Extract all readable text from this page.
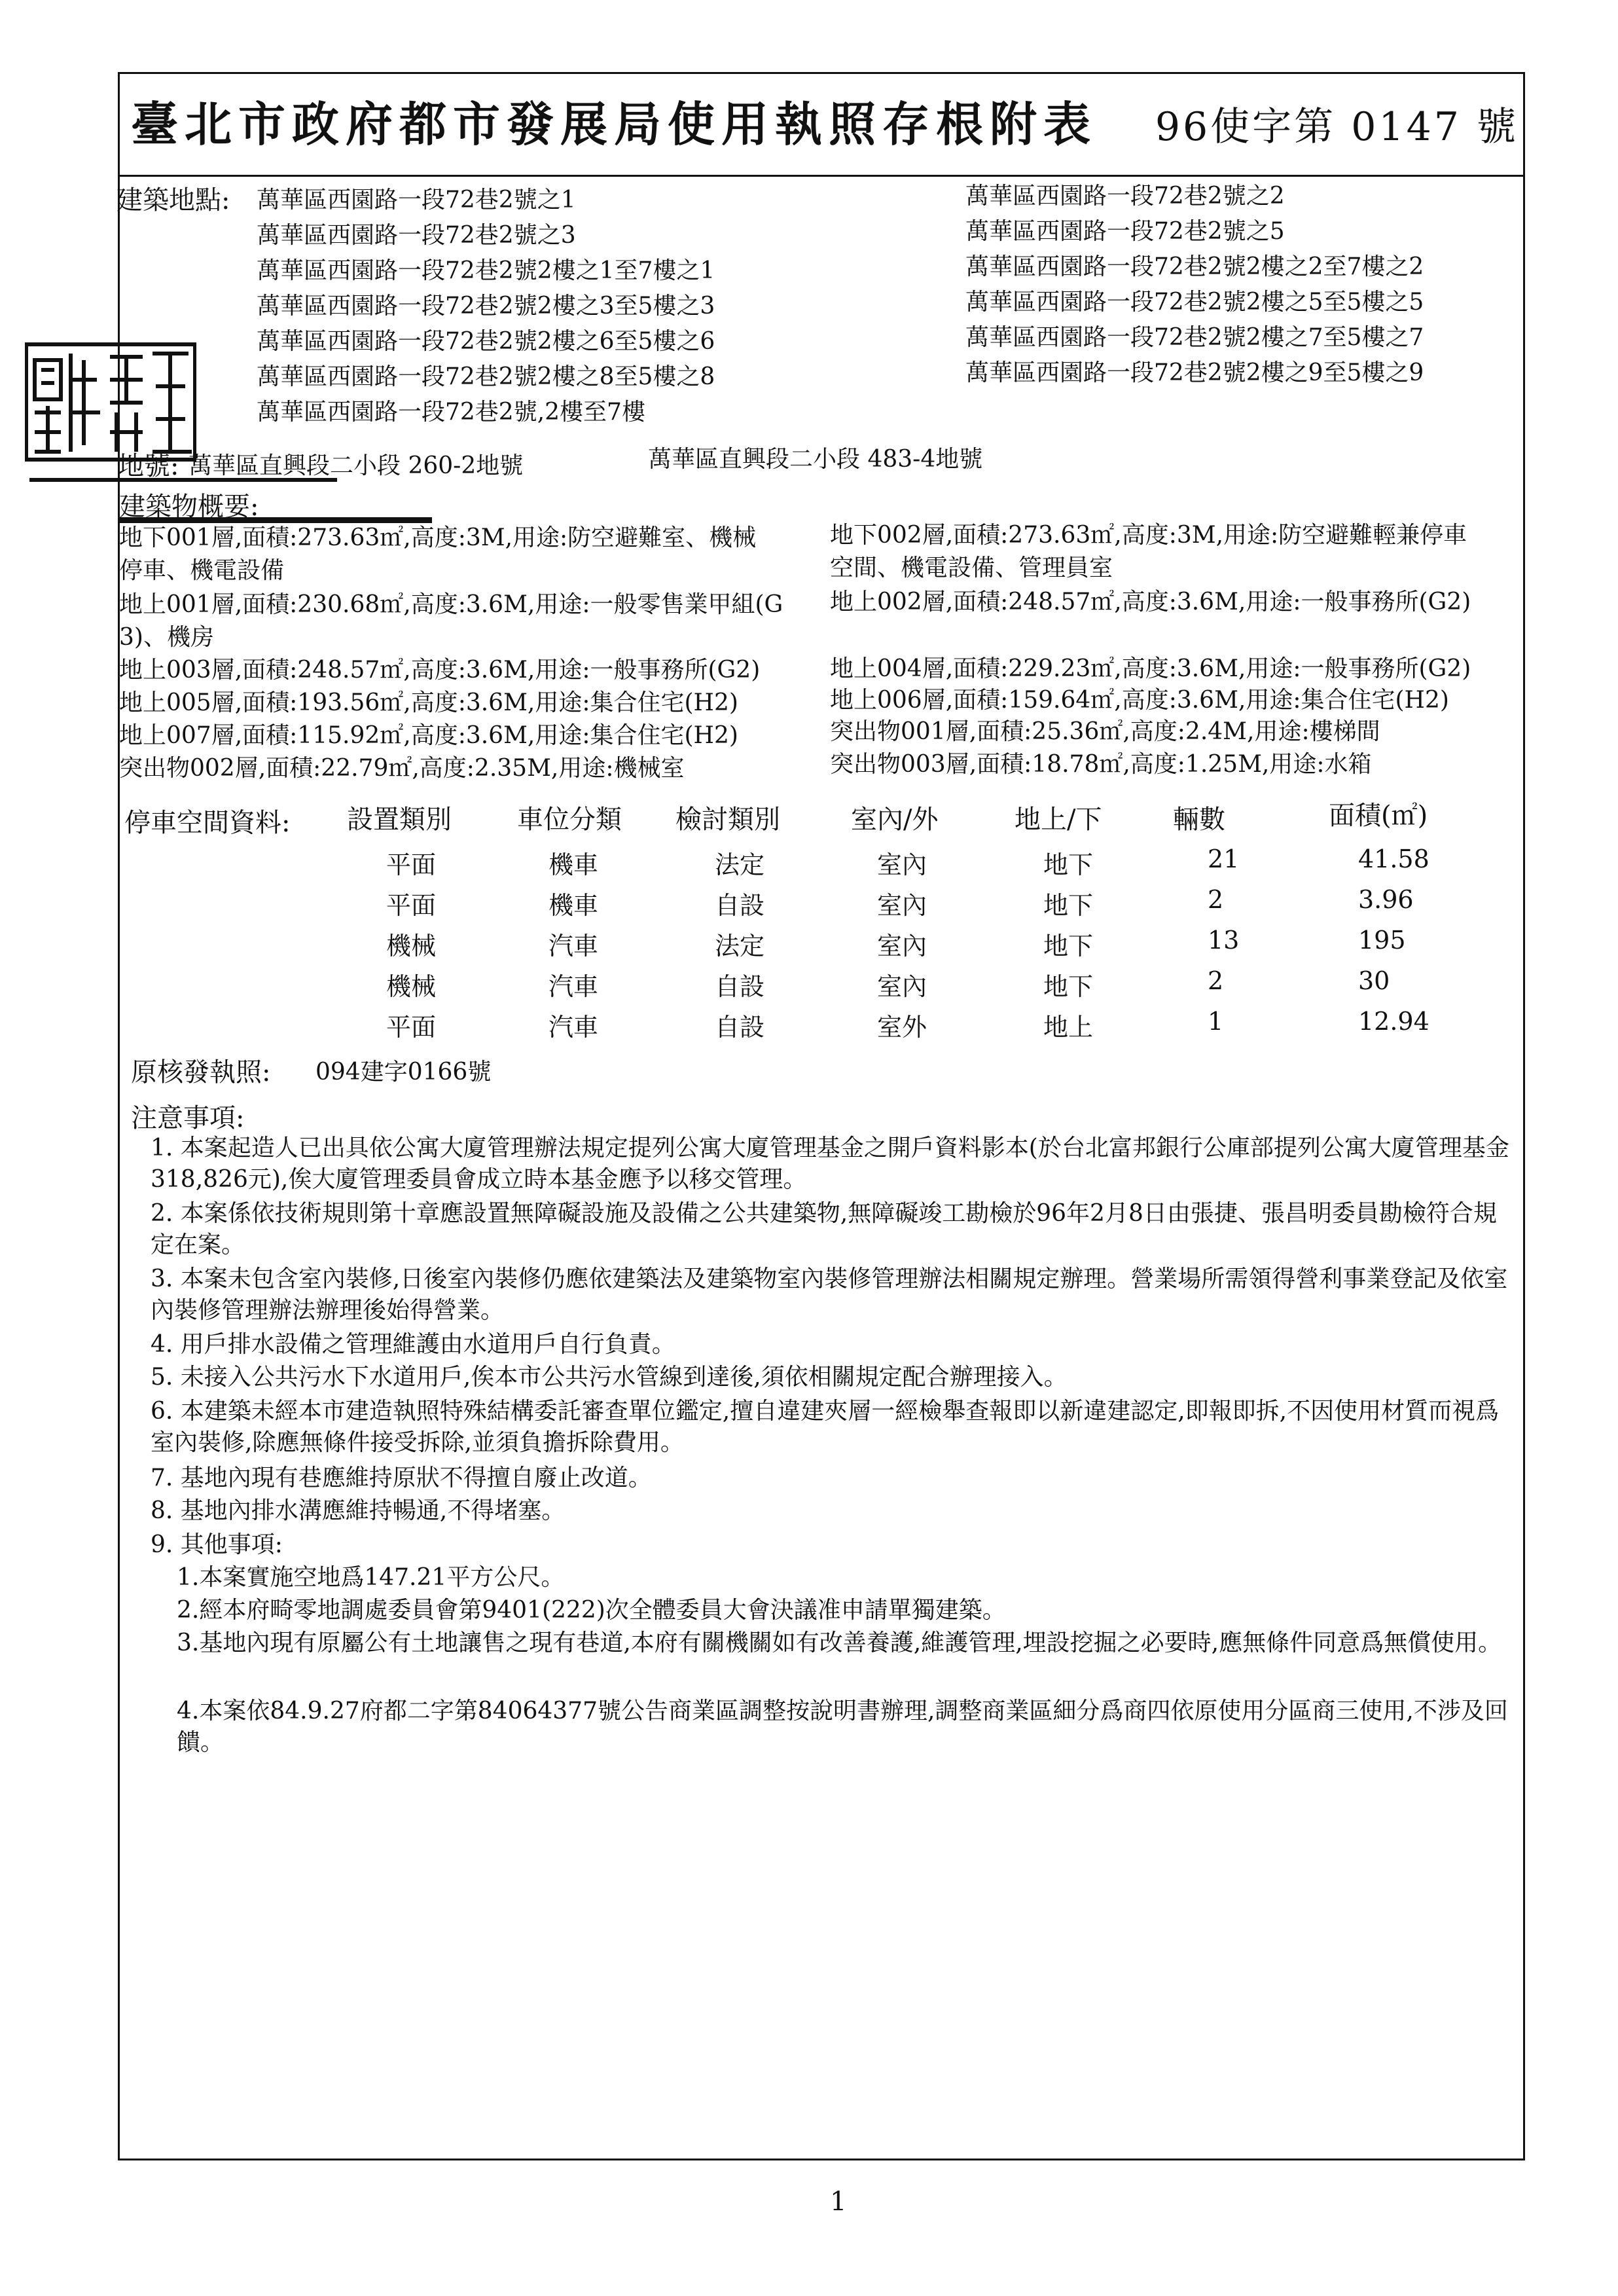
臺北市政府都市發展局使用執照存根附表 96使字第 0147 號
建築地點: 萬華區西園路一段72巷2號之1
萬華區西園路一段72巷2號之3
萬華區西園路一段72巷2號2樓之1至7樓之1
萬華區西園路一段72巷2號2樓之3至5樓之3
萬華區西園路一段72巷2號2樓之6至5樓之6
萬華區西園路一段72巷2號2樓之8至5樓之8
萬華區西園路一段72巷2號,2樓至7樓
萬華區西園路一段72巷2號之2
萬華區西園路一段72巷2號之5
萬華區西園路一段72巷2號2樓之2至7樓之2
萬華區西園路一段72巷2號2樓之5至5樓之5
萬華區西園路一段72巷2號2樓之7至5樓之7
萬華區西園路一段72巷2號2樓之9至5樓之9
地號: 萬華區直興段二小段 260-2地號	萬華區直興段二小段 483-4地號
建築物概要:
地下001層,面積:273.63㎡,高度:3M,用途:防空避難室、機械
停車、機電設備
地下002層,面積:273.63㎡,高度:3M,用途:防空避難輕兼停車
空間、機電設備、管理員室
地上001層,面積:230.68㎡,高度:3.6M,用途:一般零售業甲組(G
3)、機房
地上002層,面積:248.57㎡,高度:3.6M,用途:一般事務所(G2)
地上003層,面積:248.57㎡,高度:3.6M,用途:一般事務所(G2)	地上004層,面積:229.23㎡,高度:3.6M,用途:一般事務所(G2)
地上005層,面積:193.56㎡,高度:3.6M,用途:集合住宅(H2)	地上006層,面積:159.64㎡,高度:3.6M,用途:集合住宅(H2)
地上007層,面積:115.92㎡,高度:3.6M,用途:集合住宅(H2)	突出物001層,面積:25.36㎡,高度:2.4M,用途:樓梯間
突出物002層,面積:22.79㎡,高度:2.35M,用途:機械室	突出物003層,面積:18.78㎡,高度:1.25M,用途:水箱
停車空間資料: 設置類別	車位分類 檢討類別	室內/外	地上/下	輛數	面積(㎡)
平面	機車	法定	室內	地下	21	41.58
平面	機車	自設	室內	地下	2	3.96
機械	汽車	法定	室內	地下	13	195
機械	汽車	自設	室內	地下	2	30
平面	汽車	自設	室外	地上	1	12.94
原核發執照: 094建字0166號
注意事項:
1. 本案起造人已出具依公寓大廈管理辦法規定提列公寓大廈管理基金之開戶資料影本(於台北富邦銀行公庫部提列公寓大廈管理基金318,826元),俟大廈管理委員會成立時本基金應予以移交管理。
2. 本案係依技術規則第十章應設置無障礙設施及設備之公共建築物,無障礙竣工勘檢於96年2月8日由張捷、張昌明委員勘檢符合規定在案。
3. 本案未包含室內裝修,日後室內裝修仍應依建築法及建築物室內裝修管理辦法相關規定辦理。營業場所需領得營利事業登記及依室內裝修管理辦法辦理後始得營業。
4. 用戶排水設備之管理維護由水道用戶自行負責。
5. 未接入公共污水下水道用戶,俟本市公共污水管線到達後,須依相關規定配合辦理接入。
6. 本建築未經本市建造執照特殊結構委託審查單位鑑定,擅自違建夾層一經檢舉查報即以新違建認定,即報即拆,不因使用材質而視爲室內裝修,除應無條件接受拆除,並須負擔拆除費用。
7. 基地內現有巷應維持原狀不得擅自廢止改道。
8. 基地內排水溝應維持暢通,不得堵塞。
9. 其他事項:
1.本案實施空地爲147.21平方公尺。
2.經本府畸零地調處委員會第9401(222)次全體委員大會決議准申請單獨建築。
3.基地內現有原屬公有土地讓售之現有巷道,本府有關機關如有改善養護,維護管理,埋設挖掘之必要時,應無條件同意爲無償使用。
4.本案依84.9.27府都二字第84064377號公告商業區調整按說明書辦理,調整商業區細分爲商四依原使用分區商三使用,不涉及回饋。
1
